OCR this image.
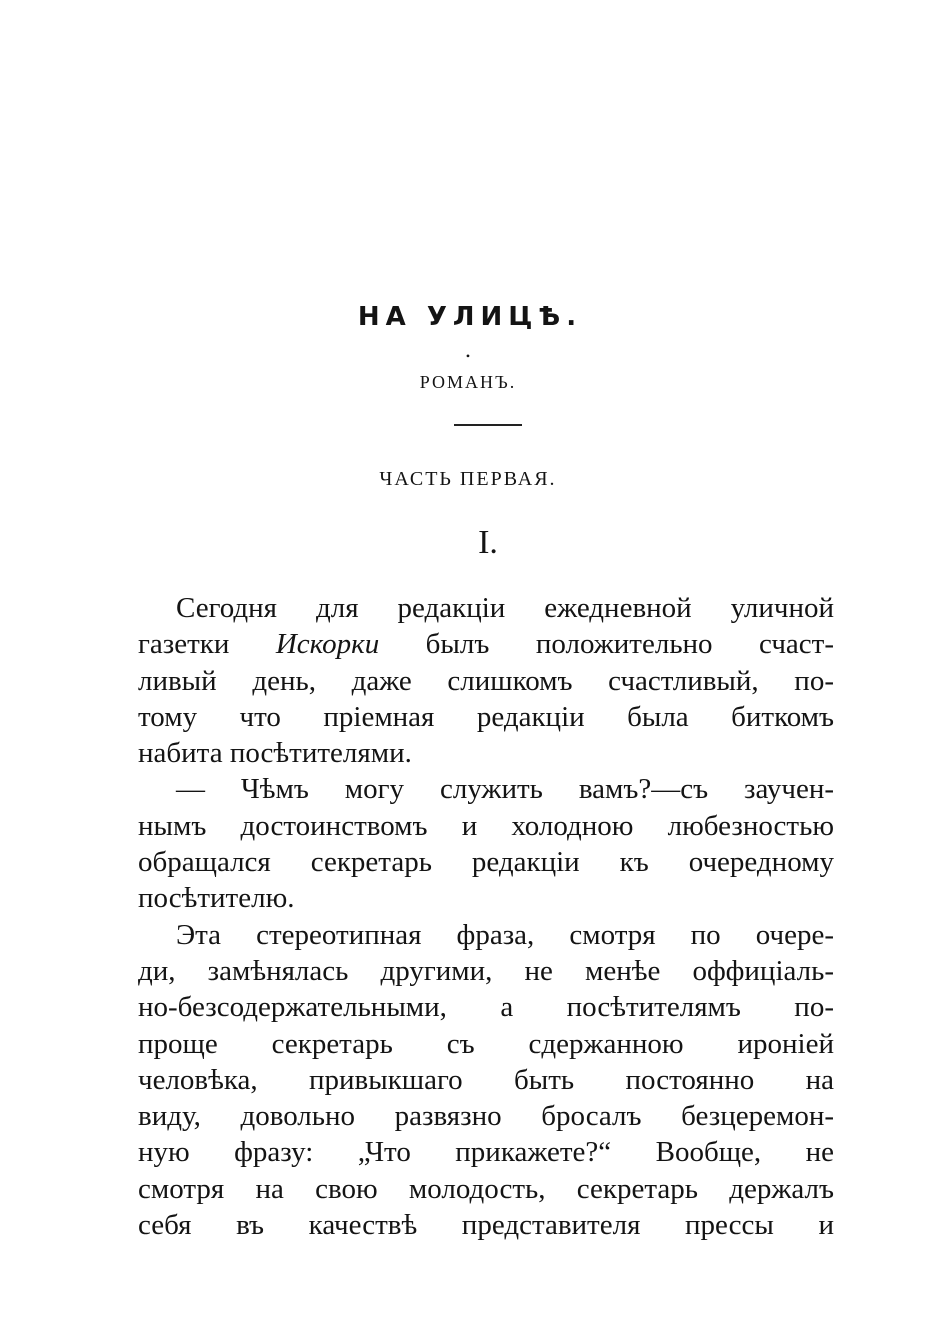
НА УЛИЦѢ.
•
РОМАНЪ.
ЧАСТЬ ПЕРВАЯ.
I.
Сегодня для редакціи ежедневной уличной
газетки Искорки былъ положительно счаст-
ливый день, даже слишкомъ счастливый, по-
тому что пріемная редакціи была биткомъ
набита посѣтителями.
— Чѣмъ могу служить вамъ?—съ заучен-
нымъ достоинствомъ и холодною любезностью
обращался секретарь редакціи къ очередному
посѣтителю.
Эта стереотипная фраза, смотря по очере-
ди, замѣнялась другими, не менѣе оффиціаль-
но-безсодержательными, а посѣтителямъ по-
проще секретарь съ сдержанною ироніей
человѣка, привыкшаго быть постоянно на
виду, довольно развязно бросалъ безцеремон-
ную фразу: „Что прикажете?“ Вообще, не
смотря на свою молодость, секретарь держалъ
себя въ качествѣ представителя прессы и
